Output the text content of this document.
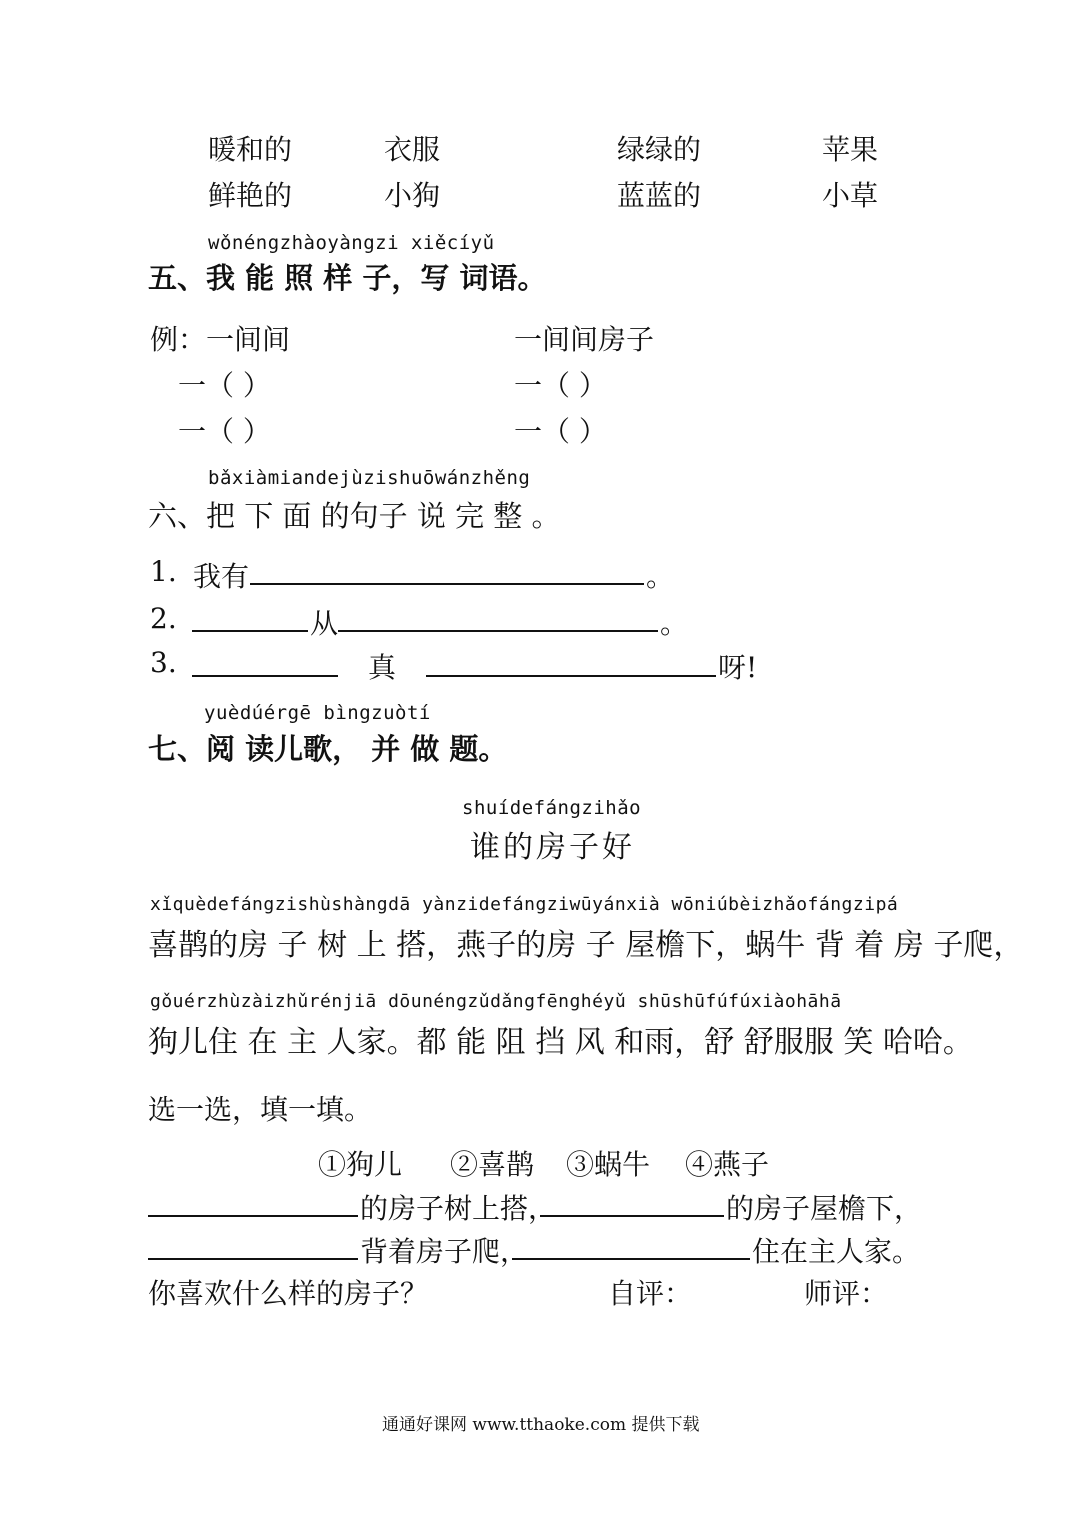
暖和的	衣服	绿绿的	苹果
鲜艳的	小狗	蓝蓝的	小草
wǒnéngzhàoyàngzi xiěcíyǔ
五、我 能 照 样 子，写 词语。
例：一间间	一间间房子
一（ ）	一（ ）
一（ ）	一（ ）
bǎxiàmiandejùzishuōwánzhěng
六、把 下 面 的句子 说 完 整 。
1. 我有	。
2.	从	。
3.	真	呀!
yuèdúérgē bìngzuòtí
七、阅 读儿歌， 并 做 题。
shuídefángzihǎo
谁的房子好
xǐquèdefángzishùshàngdā yànzidefángziwūyánxià wōniúbèizhǎofángzipá
喜鹊的房 子 树 上 搭，燕子的房 子 屋檐下，蜗牛 背 着 房 子爬，
gǒuérzhùzàizhǔrénjiā dōunéngzǔdǎngfēnghéyǔ shūshūfúfúxiàohāhā
狗儿住 在 主 人家。都 能 阻 挡 风 和雨，舒 舒服服 笑 哈哈。
选一选，填一填。
①狗儿 ②喜鹊 ③蜗牛 ④燕子
的房子树上搭，	的房子屋檐下，
背着房子爬，	住在主人家。
你喜欢什么样的房子？	自评：	师评：
通通好课网 www.tthaoke.com 提供下载
